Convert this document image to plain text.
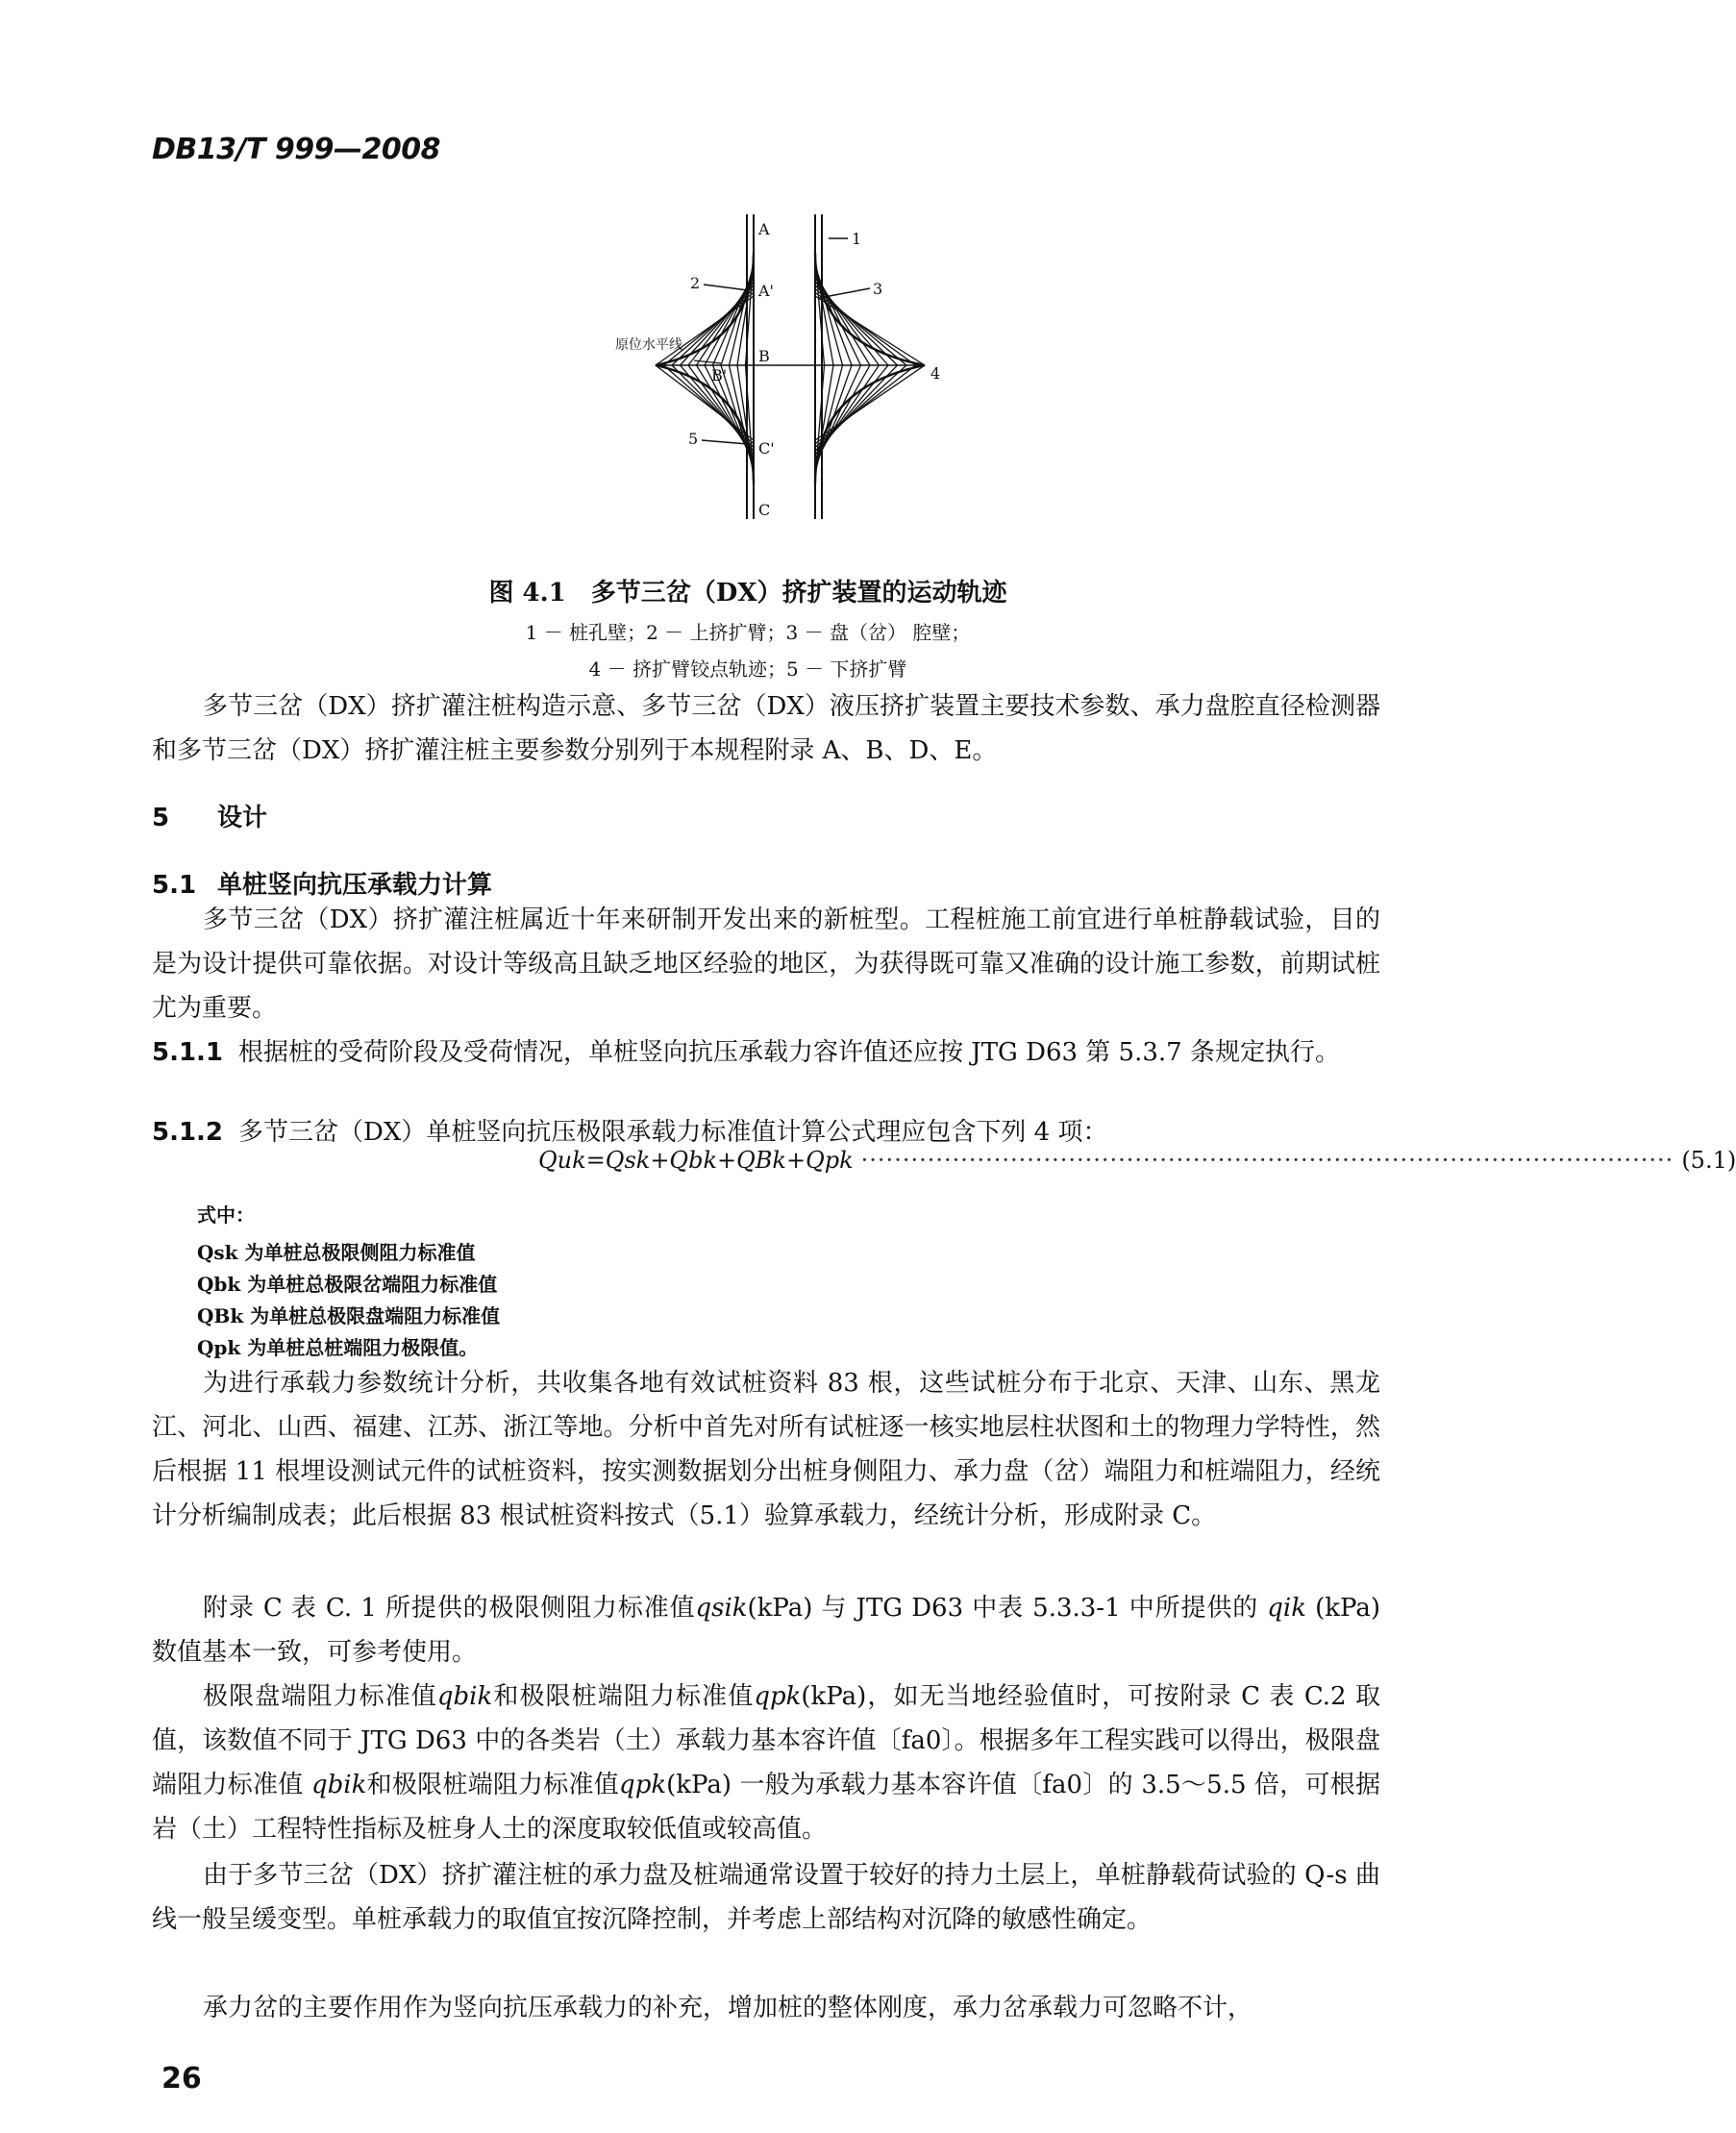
DB13/T 999—2008
A
A'
B
B'
C'
C
1
2	3
4
5
原位水平线
图 4.1　多节三岔（DX）挤扩装置的运动轨迹
1 － 桩孔壁；2 － 上挤扩臂；3 － 盘（岔） 腔壁；
4 － 挤扩臂铰点轨迹；5 － 下挤扩臂
多节三岔（DX）挤扩灌注桩构造示意、多节三岔（DX）液压挤扩装置主要技术参数、承力盘腔直径检测器和多节三岔（DX）挤扩灌注桩主要参数分别列于本规程附录 A、B、D、E。
5 设计
5.1 单桩竖向抗压承载力计算
多节三岔（DX）挤扩灌注桩属近十年来研制开发出来的新桩型。工程桩施工前宜进行单桩静载试验，目的是为设计提供可靠依据。对设计等级高且缺乏地区经验的地区，为获得既可靠又准确的设计施工参数，前期试桩尤为重要。
5.1.1 根据桩的受荷阶段及受荷情况，单桩竖向抗压承载力容许值还应按 JTG D63 第 5.3.7 条规定执行。
5.1.2 多节三岔（DX）单桩竖向抗压极限承载力标准值计算公式理应包含下列 4 项：
Quk=Qsk+Qbk+QBk+Qpk ·································································································· (5.1)
式中：
Qsk 为单桩总极限侧阻力标准值
Qbk 为单桩总极限岔端阻力标准值
QBk 为单桩总极限盘端阻力标准值
Qpk 为单桩总桩端阻力极限值。
为进行承载力参数统计分析，共收集各地有效试桩资料 83 根，这些试桩分布于北京、天津、山东、黑龙江、河北、山西、福建、江苏、浙江等地。分析中首先对所有试桩逐一核实地层柱状图和土的物理力学特性，然后根据 11 根埋设测试元件的试桩资料，按实测数据划分出桩身侧阻力、承力盘（岔）端阻力和桩端阻力，经统计分析编制成表；此后根据 83 根试桩资料按式（5.1）验算承载力，经统计分析，形成附录 C。
附录 C 表 C. 1 所提供的极限侧阻力标准值qsik(kPa) 与 JTG D63 中表 5.3.3-1 中所提供的 qik (kPa) 数值基本一致，可参考使用。
极限盘端阻力标准值qbik和极限桩端阻力标准值qpk(kPa)，如无当地经验值时，可按附录 C 表 C.2 取值，该数值不同于 JTG D63 中的各类岩（土）承载力基本容许值〔fa0〕。根据多年工程实践可以得出，极限盘端阻力标准值 qbik和极限桩端阻力标准值qpk(kPa) 一般为承载力基本容许值〔fa0〕的 3.5～5.5 倍，可根据岩（土）工程特性指标及桩身人土的深度取较低值或较高值。
由于多节三岔（DX）挤扩灌注桩的承力盘及桩端通常设置于较好的持力土层上，单桩静载荷试验的 Q-s 曲线一般呈缓变型。单桩承载力的取值宜按沉降控制，并考虑上部结构对沉降的敏感性确定。
承力岔的主要作用作为竖向抗压承载力的补充，增加桩的整体刚度，承力岔承载力可忽略不计，
26
